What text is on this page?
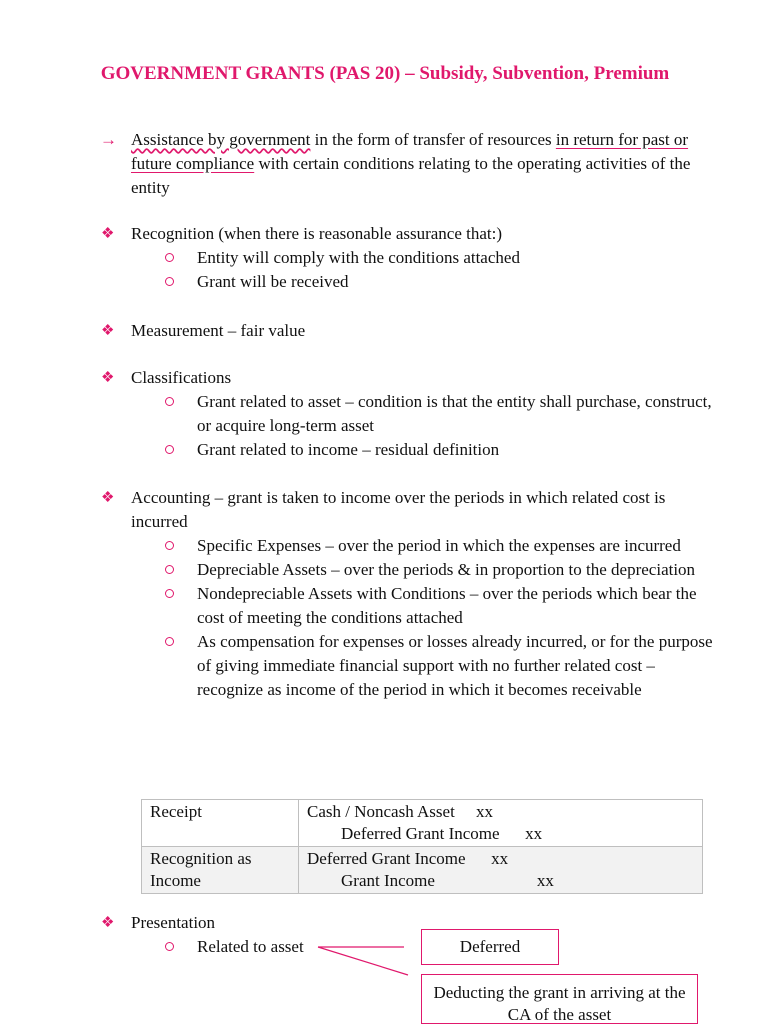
GOVERNMENT GRANTS (PAS 20) – Subsidy, Subvention, Premium
→ Assistance by government in the form of transfer of resources in return for past or future compliance with certain conditions relating to the operating activities of the entity
❖ Recognition (when there is reasonable assurance that:)
Entity will comply with the conditions attached
Grant will be received
❖ Measurement – fair value
❖ Classifications
Grant related to asset – condition is that the entity shall purchase, construct, or acquire long-term asset
Grant related to income – residual definition
❖ Accounting – grant is taken to income over the periods in which related cost is incurred
Specific Expenses – over the period in which the expenses are incurred
Depreciable Assets – over the periods & in proportion to the depreciation
Nondepreciable Assets with Conditions – over the periods which bear the cost of meeting the conditions attached
As compensation for expenses or losses already incurred, or for the purpose of giving immediate financial support with no further related cost – recognize as income of the period in which it becomes receivable
Receipt	Cash / Noncash Asset     xx
Deferred Grant Income      xx

Recognition as Income	Deferred Grant Income      xx
Grant Income                        xx
❖ Presentation
Related to asset	Deferred
Deducting the grant in arriving at the CA of the asset
